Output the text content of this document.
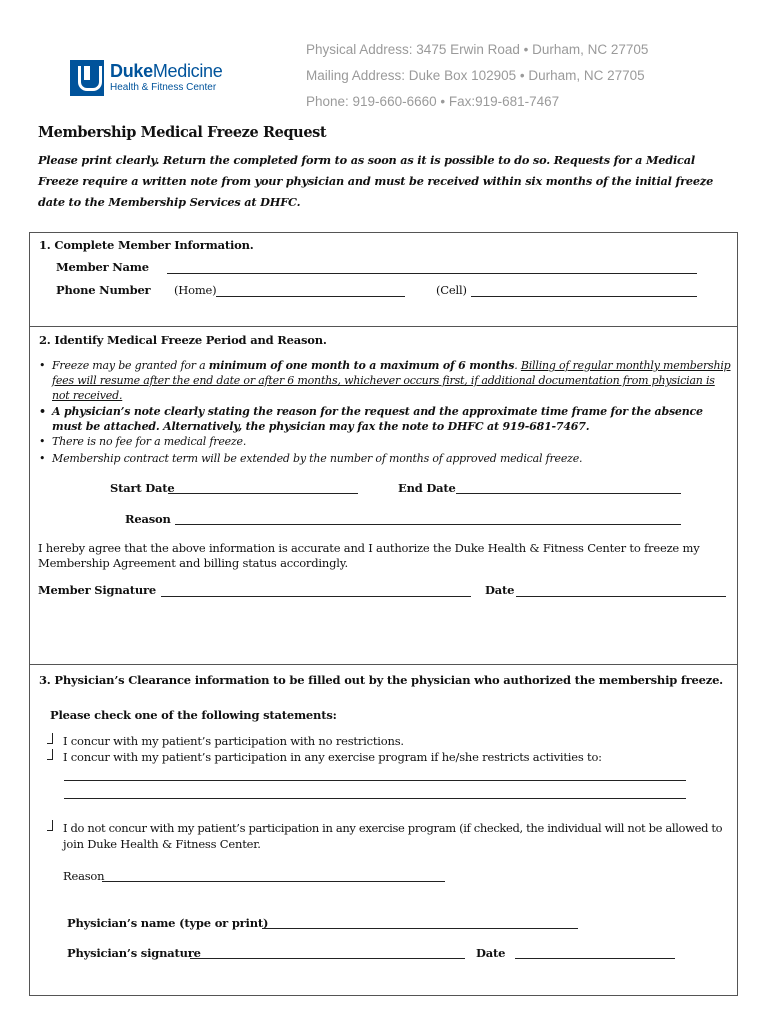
DukeMedicine
Health & Fitness Center
Physical Address: 3475 Erwin Road • Durham, NC 27705
Mailing Address: Duke Box 102905 • Durham, NC 27705
Phone: 919-660-6660 • Fax:919-681-7467
Membership Medical Freeze Request
Please print clearly. Return the completed form to as soon as it is possible to do so. Requests for a Medical Freeze require a written note from your physician and must be received within six months of the initial freeze date to the Membership Services at DHFC.
1. Complete Member Information.
Member Name
Phone Number (Home)	(Cell)
2. Identify Medical Freeze Period and Reason.
• Freeze may be granted for a minimum of one month to a maximum of 6 months. Billing of regular monthly membership fees will resume after the end date or after 6 months, whichever occurs first, if additional documentation from physician is not received.
• A physician’s note clearly stating the reason for the request and the approximate time frame for the absence must be attached. Alternatively, the physician may fax the note to DHFC at 919-681-7467.
• There is no fee for a medical freeze.
• Membership contract term will be extended by the number of months of approved medical freeze.
Start Date	End Date
Reason
I hereby agree that the above information is accurate and I authorize the Duke Health & Fitness Center to freeze my Membership Agreement and billing status accordingly.
Member Signature	Date
3. Physician’s Clearance information to be filled out by the physician who authorized the membership freeze.
Please check one of the following statements:
I concur with my patient’s participation with no restrictions.
I concur with my patient’s participation in any exercise program if he/she restricts activities to:
I do not concur with my patient’s participation in any exercise program (if checked, the individual will not be allowed to
join Duke Health & Fitness Center.
Reason
Physician’s name (type or print)
Physician’s signature	Date
